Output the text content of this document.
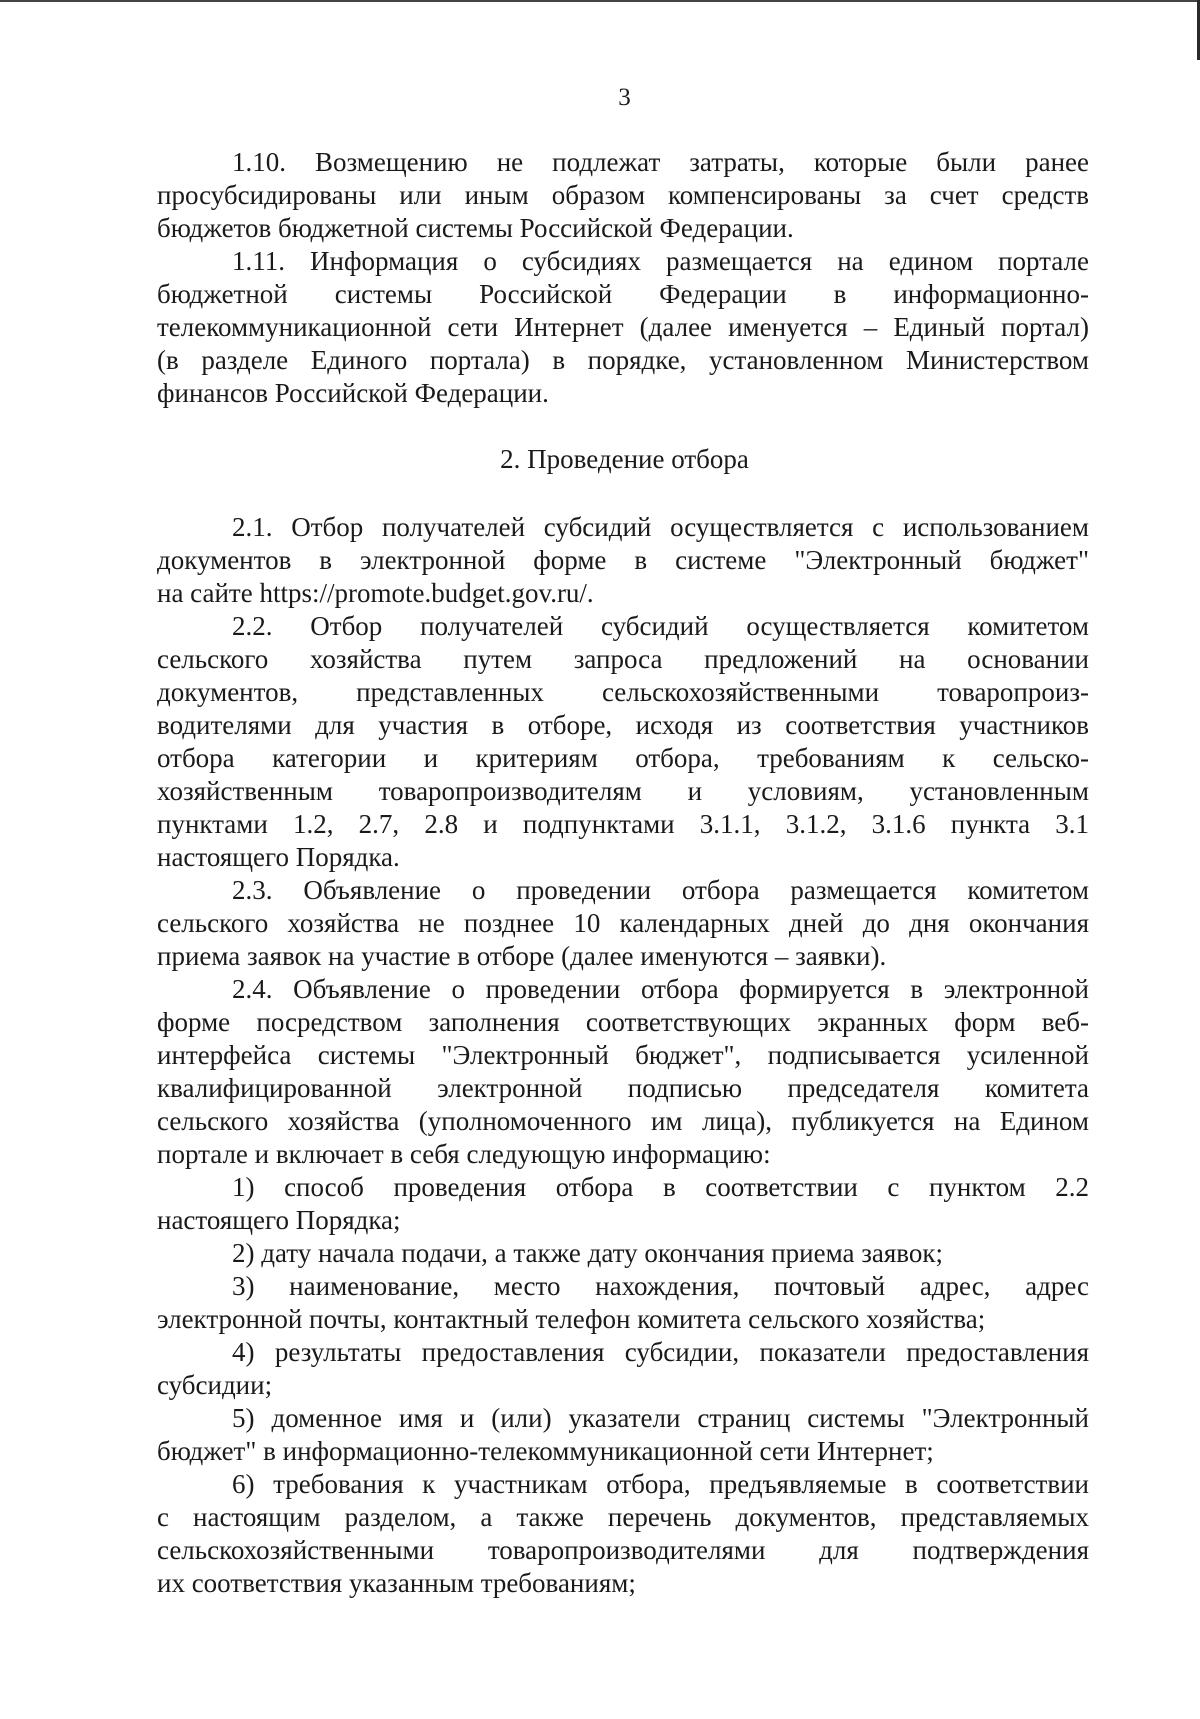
3
1.10. Возмещению не подлежат затраты, которые были ранее
просубсидированы или иным образом компенсированы за счет средств
бюджетов бюджетной системы Российской Федерации.
1.11. Информация о субсидиях размещается на едином портале
бюджетной системы Российской Федерации в информационно-
телекоммуникационной сети Интернет (далее именуется – Единый портал)
(в разделе Единого портала) в порядке, установленном Министерством
финансов Российской Федерации.
2. Проведение отбора
2.1. Отбор получателей субсидий осуществляется с использованием
документов в электронной форме в системе "Электронный бюджет"
на сайте https://promote.budget.gov.ru/.
2.2. Отбор получателей субсидий осуществляется комитетом
сельского хозяйства путем запроса предложений на основании
документов, представленных сельскохозяйственными товаропроиз-
водителями для участия в отборе, исходя из соответствия участников
отбора категории и критериям отбора, требованиям к сельско-
хозяйственным товаропроизводителям и условиям, установленным
пунктами 1.2, 2.7, 2.8 и подпунктами 3.1.1, 3.1.2, 3.1.6 пункта 3.1
настоящего Порядка.
2.3. Объявление о проведении отбора размещается комитетом
сельского хозяйства не позднее 10 календарных дней до дня окончания
приема заявок на участие в отборе (далее именуются – заявки).
2.4. Объявление о проведении отбора формируется в электронной
форме посредством заполнения соответствующих экранных форм веб-
интерфейса системы "Электронный бюджет", подписывается усиленной
квалифицированной электронной подписью председателя комитета
сельского хозяйства (уполномоченного им лица), публикуется на Едином
портале и включает в себя следующую информацию:
1) способ проведения отбора в соответствии с пунктом 2.2
настоящего Порядка;
2) дату начала подачи, а также дату окончания приема заявок;
3) наименование, место нахождения, почтовый адрес, адрес
электронной почты, контактный телефон комитета сельского хозяйства;
4) результаты предоставления субсидии, показатели предоставления
субсидии;
5) доменное имя и (или) указатели страниц системы "Электронный
бюджет" в информационно-телекоммуникационной сети Интернет;
6) требования к участникам отбора, предъявляемые в соответствии
с настоящим разделом, а также перечень документов, представляемых
сельскохозяйственными товаропроизводителями для подтверждения
их соответствия указанным требованиям;
